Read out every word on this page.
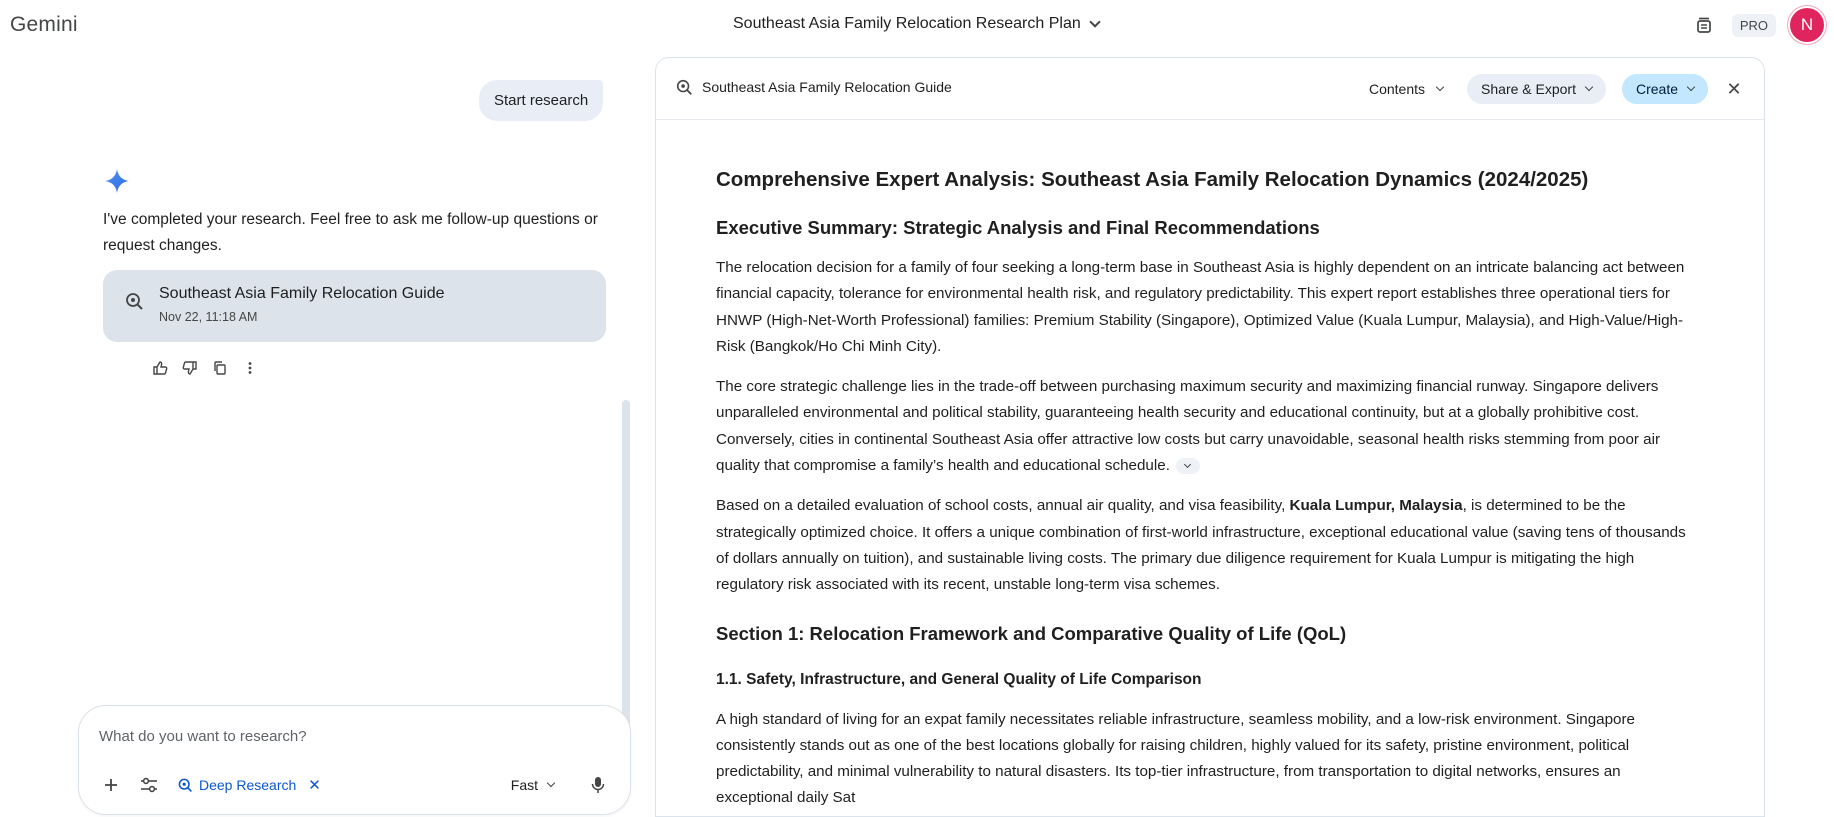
Gemini	Southeast Asia Family Relocation Research Plan	PRO	N
Start research
I've completed your research. Feel free to ask me follow-up questions or request changes.
Southeast Asia Family Relocation Guide
Nov 22, 11:18 AM
What do you want to research?
Deep Research ✕	Fast
Southeast Asia Family Relocation Guide	Contents	Share & Export	Create	✕
Comprehensive Expert Analysis: Southeast Asia Family Relocation Dynamics (2024/2025)
Executive Summary: Strategic Analysis and Final Recommendations

The relocation decision for a family of four seeking a long-term base in Southeast Asia is highly dependent on an intricate balancing act between financial capacity, tolerance for environmental health risk, and regulatory predictability. This expert report establishes three operational tiers for HNWP (High-Net-Worth Professional) families: Premium Stability (Singapore), Optimized Value (Kuala Lumpur, Malaysia), and High-Value/High-Risk (Bangkok/Ho Chi Minh City).

The core strategic challenge lies in the trade-off between purchasing maximum security and maximizing financial runway. Singapore delivers unparalleled environmental and political stability, guaranteeing health security and educational continuity, but at a globally prohibitive cost. Conversely, cities in continental Southeast Asia offer attractive low costs but carry unavoidable, seasonal health risks stemming from poor air quality that compromise a family’s health and educational schedule.

Based on a detailed evaluation of school costs, annual air quality, and visa feasibility, Kuala Lumpur, Malaysia, is determined to be the strategically optimized choice. It offers a unique combination of first-world infrastructure, exceptional educational value (saving tens of thousands of dollars annually on tuition), and sustainable living costs. The primary due diligence requirement for Kuala Lumpur is mitigating the high regulatory risk associated with its recent, unstable long-term visa schemes.

Section 1: Relocation Framework and Comparative Quality of Life (QoL)
1.1. Safety, Infrastructure, and General Quality of Life Comparison

A high standard of living for an expat family necessitates reliable infrastructure, seamless mobility, and a low-risk environment. Singapore consistently stands out as one of the best locations globally for raising children, highly valued for its safety, pristine environment, political predictability, and minimal vulnerability to natural disasters. Its top-tier infrastructure, from transportation to digital networks, ensures an exceptional daily Sat
